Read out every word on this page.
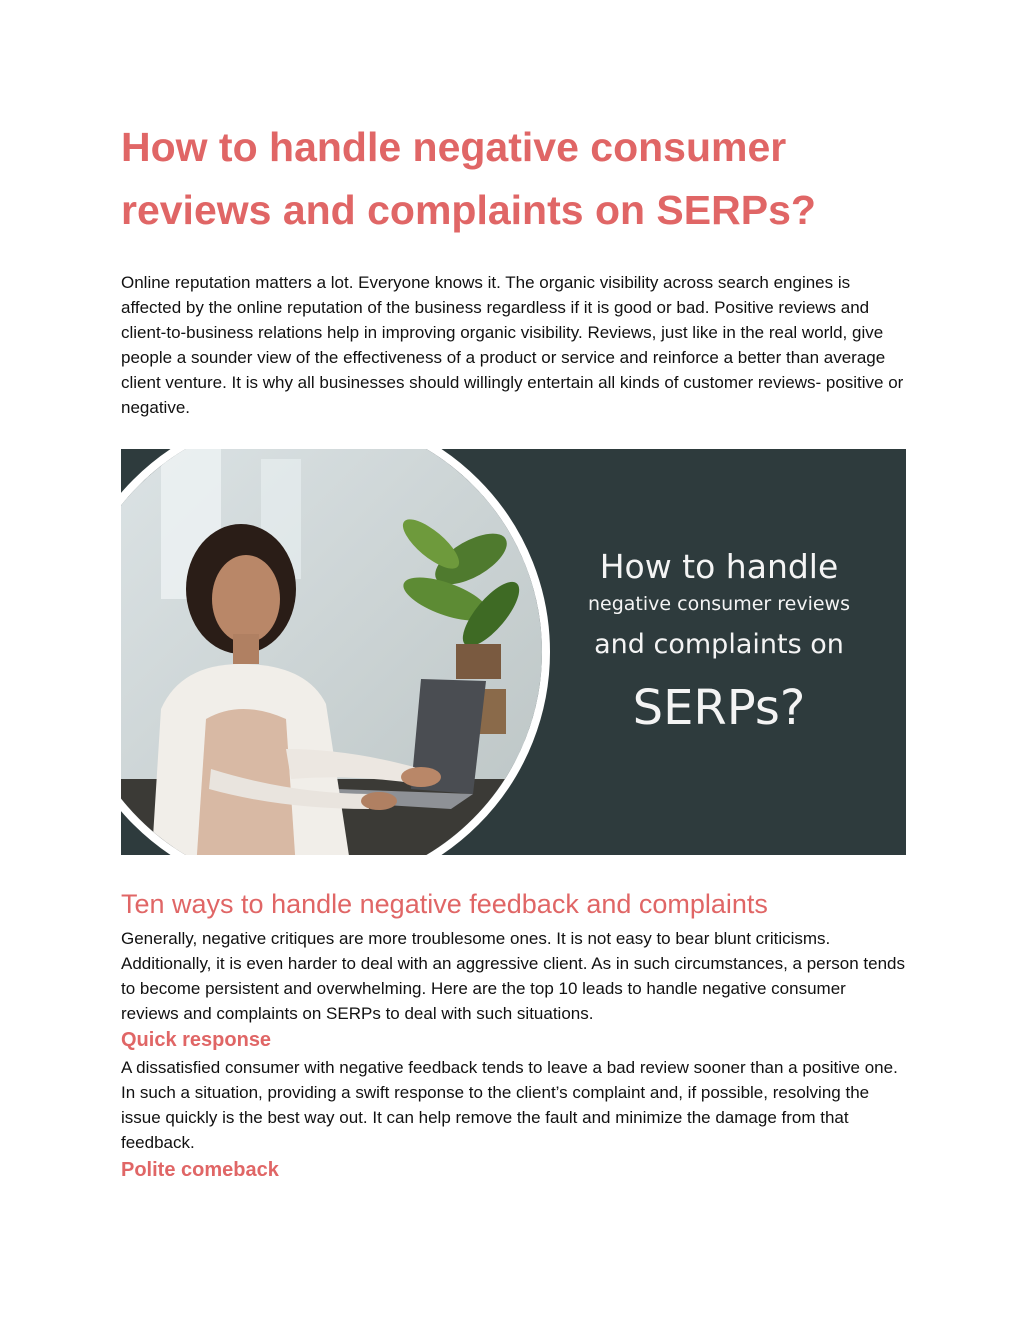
How to handle negative consumer reviews and complaints on SERPs?

Online reputation matters a lot. Everyone knows it. The organic visibility across search engines is affected by the online reputation of the business regardless if it is good or bad. Positive reviews and client-to-business relations help in improving organic visibility. Reviews, just like in the real world, give people a sounder view of the effectiveness of a product or service and reinforce a better than average client venture. It is why all businesses should willingly entertain all kinds of customer reviews- positive or negative.

How to handle
negative consumer reviews
and complaints on
SERPs?
Ten ways to handle negative feedback and complaints

Generally, negative critiques are more troublesome ones. It is not easy to bear blunt criticisms. Additionally, it is even harder to deal with an aggressive client. As in such circumstances, a person tends to become persistent and overwhelming. Here are the top 10 leads to handle negative consumer reviews and complaints on SERPs to deal with such situations.

Quick response

A dissatisfied consumer with negative feedback tends to leave a bad review sooner than a positive one. In such a situation, providing a swift response to the client’s complaint and, if possible, resolving the issue quickly is the best way out. It can help remove the fault and minimize the damage from that feedback.

Polite comeback
